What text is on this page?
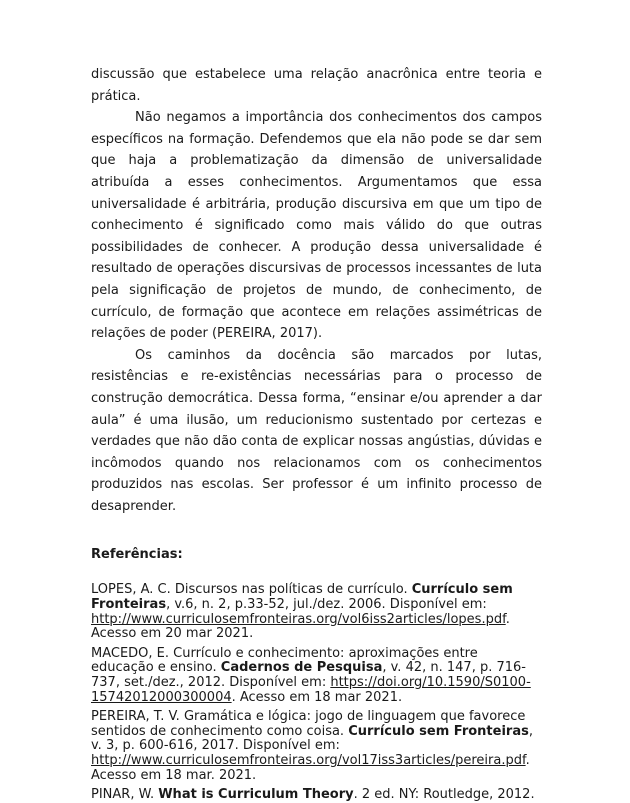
discussão que estabelece uma relação anacrônica entre teoria e prática.

Não negamos a importância dos conhecimentos dos campos específicos na formação. Defendemos que ela não pode se dar sem que haja a problematização da dimensão de universalidade atribuída a esses conhecimentos. Argumentamos que essa universalidade é arbitrária, produção discursiva em que um tipo de conhecimento é significado como mais válido do que outras possibilidades de conhecer. A produção dessa universalidade é resultado de operações discursivas de processos incessantes de luta pela significação de projetos de mundo, de conhecimento, de currículo, de formação que acontece em relações assimétricas de relações de poder (PEREIRA, 2017).

Os caminhos da docência são marcados por lutas, resistências e re-existências necessárias para o processo de construção democrática. Dessa forma, “ensinar e/ou aprender a dar aula” é uma ilusão, um reducionismo sustentado por certezas e verdades que não dão conta de explicar nossas angústias, dúvidas e incômodos quando nos relacionamos com os conhecimentos produzidos nas escolas. Ser professor é um infinito processo de desaprender.

Referências:

LOPES, A. C. Discursos nas políticas de currículo. Currículo sem Fronteiras, v.6, n. 2, p.33-52, jul./dez. 2006. Disponível em: http://www.curriculosemfronteiras.org/vol6iss2articles/lopes.pdf. Acesso em 20 mar 2021.

MACEDO, E. Currículo e conhecimento: aproximações entre educação e ensino. Cadernos de Pesquisa, v. 42, n. 147, p. 716-737, set./dez., 2012. Disponível em: https://doi.org/10.1590/S0100-15742012000300004. Acesso em 18 mar 2021.

PEREIRA, T. V. Gramática e lógica: jogo de linguagem que favorece sentidos de conhecimento como coisa. Currículo sem Fronteiras, v. 3, p. 600-616, 2017. Disponível em: http://www.curriculosemfronteiras.org/vol17iss3articles/pereira.pdf. Acesso em 18 mar. 2021.

PINAR, W. What is Curriculum Theory. 2 ed. NY: Routledge, 2012.
